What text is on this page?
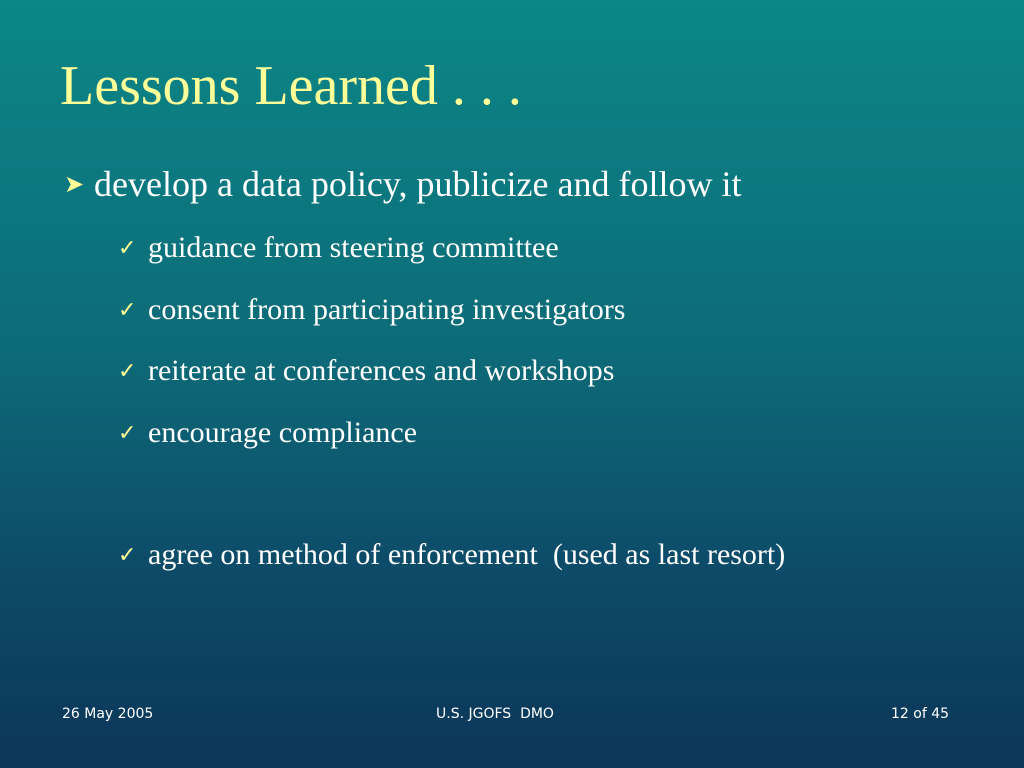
Lessons Learned . . .
➤ develop a data policy, publicize and follow it
✓ guidance from steering committee
✓ consent from participating investigators
✓ reiterate at conferences and workshops
✓ encourage compliance
✓ agree on method of enforcement  (used as last resort)
26 May 2005	U.S. JGOFS  DMO	12 of 45
